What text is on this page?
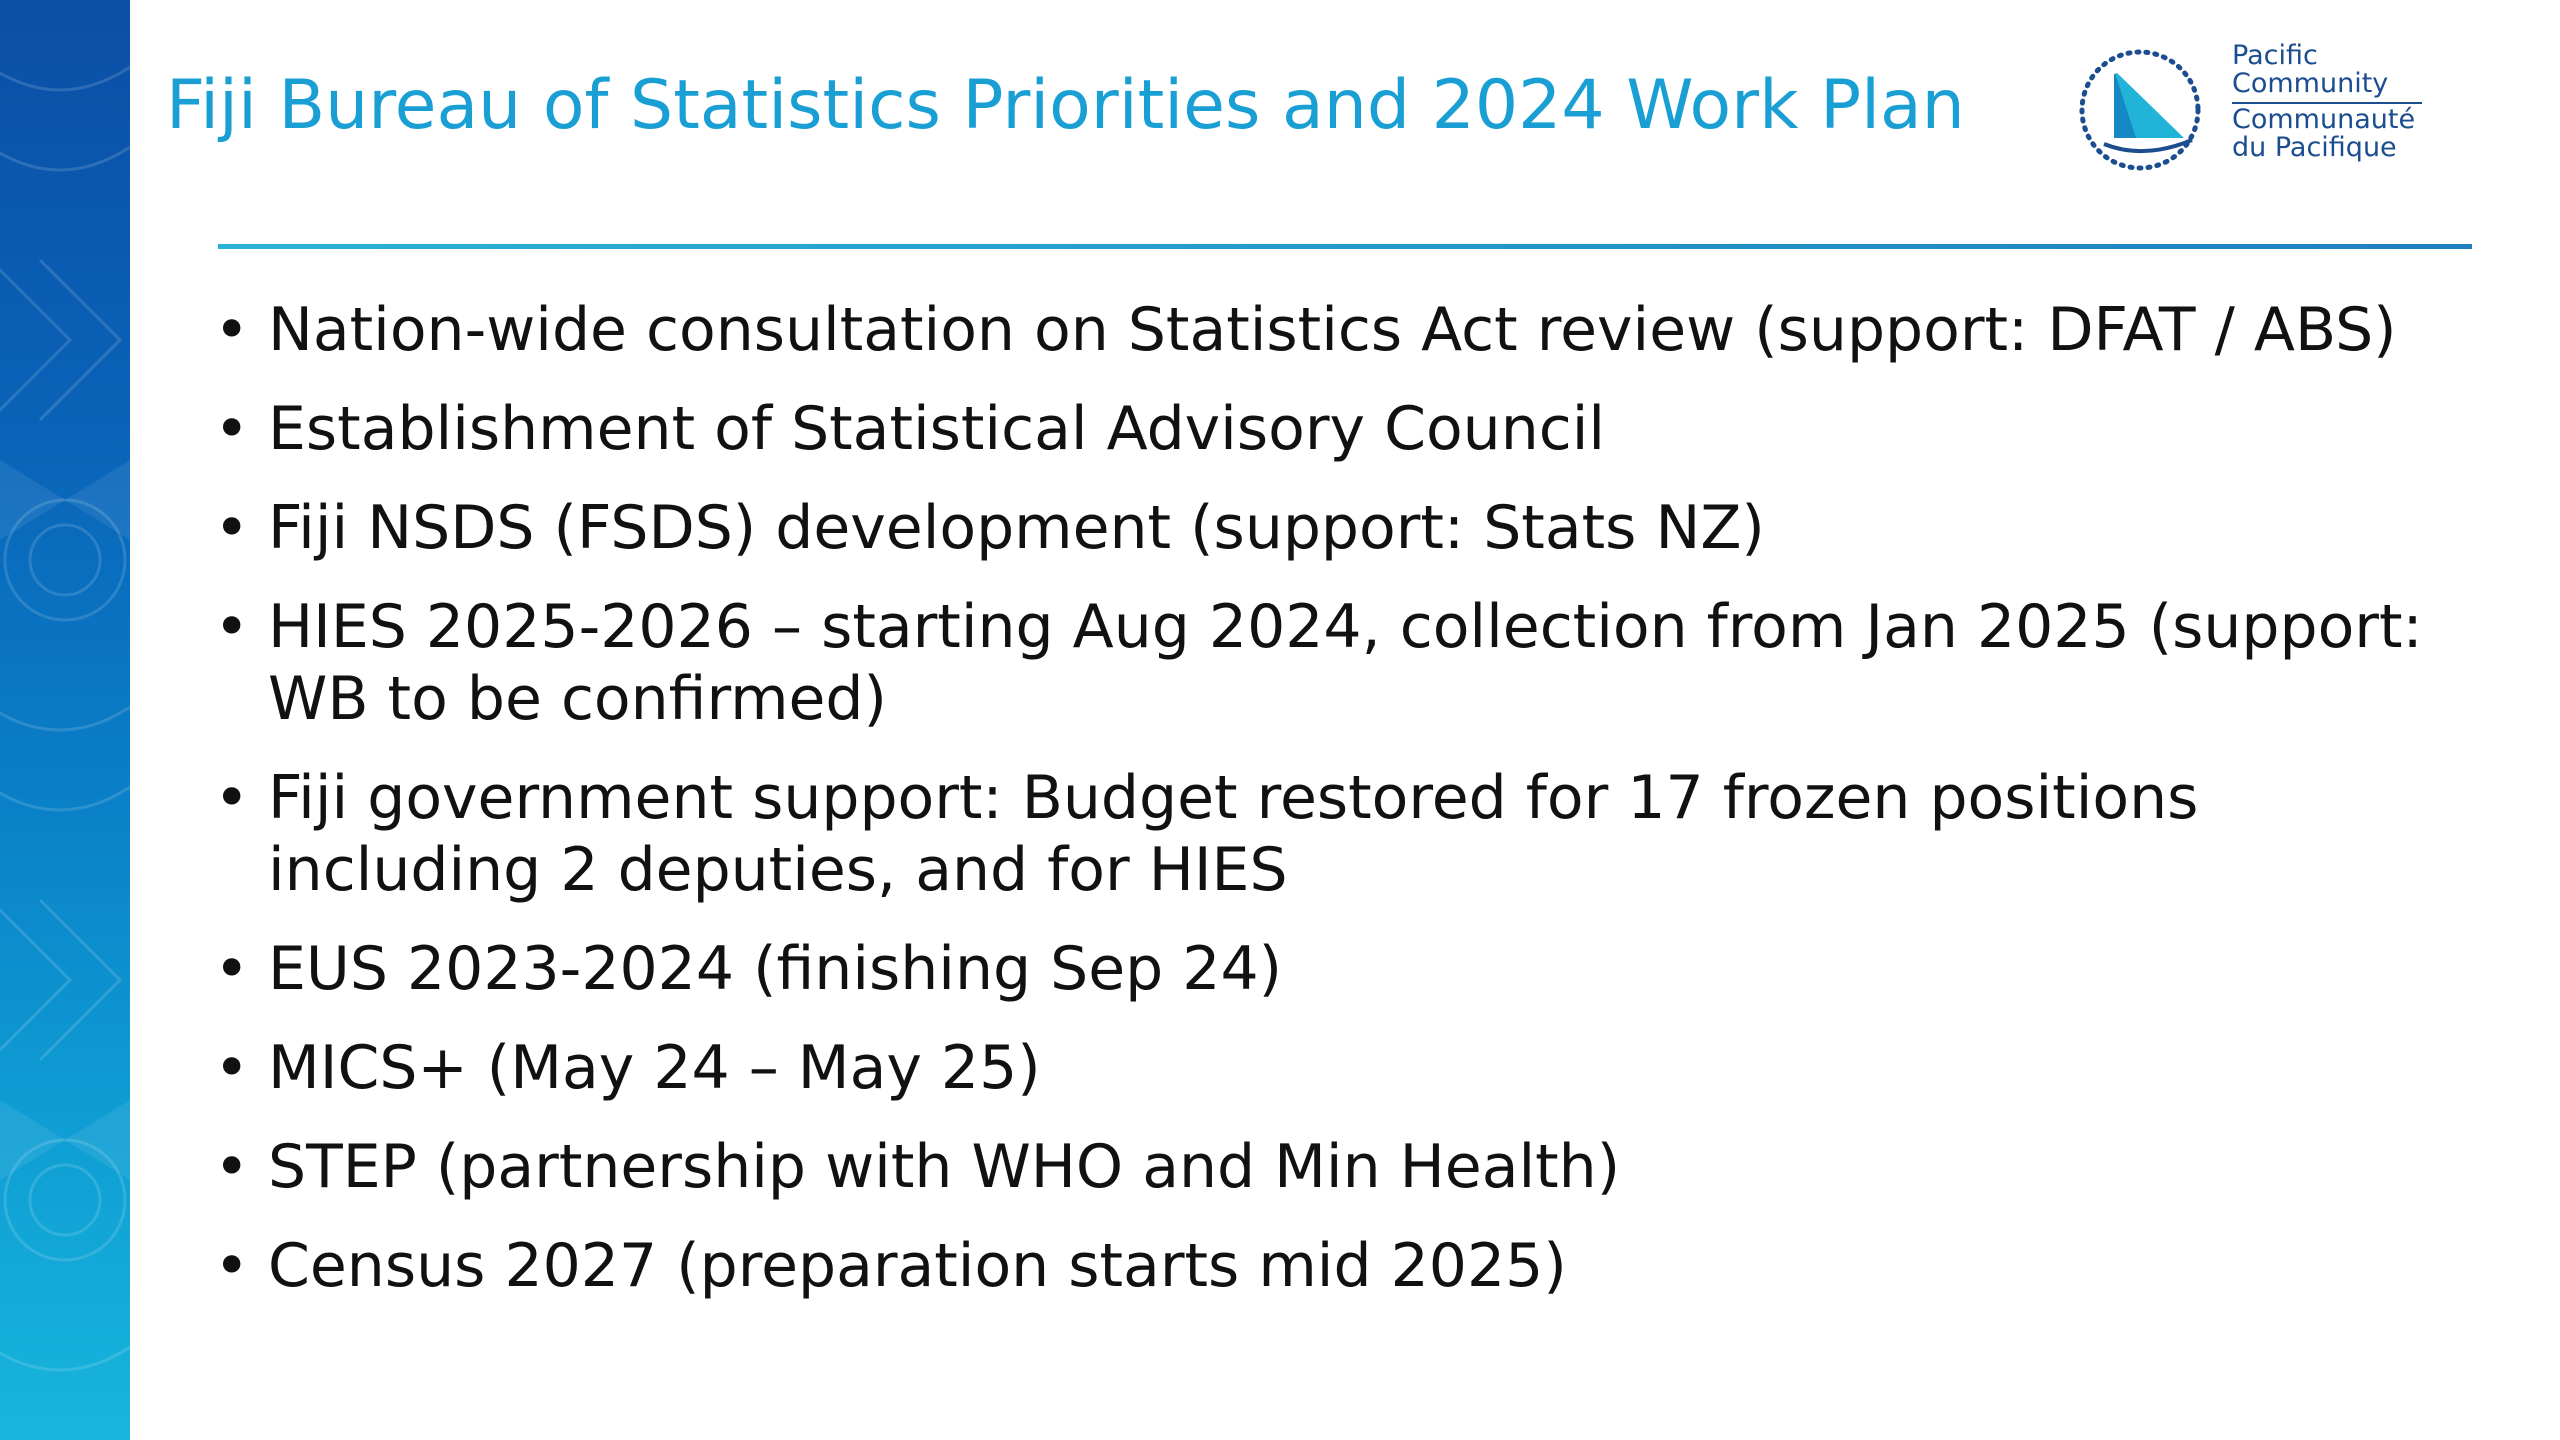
Fiji Bureau of Statistics Priorities and 2024 Work Plan
Pacific
Community
Communauté
du Pacifique
• Nation-wide consultation on Statistics Act review (support: DFAT / ABS)
• Establishment of Statistical Advisory Council
• Fiji NSDS (FSDS) development (support: Stats NZ)
• HIES 2025-2026 – starting Aug 2024, collection from Jan 2025 (support: WB to be confirmed)
• Fiji government support: Budget restored for 17 frozen positions including 2 deputies, and for HIES
• EUS 2023-2024 (finishing Sep 24)
• MICS+ (May 24 – May 25)
• STEP (partnership with WHO and Min Health)
• Census 2027 (preparation starts mid 2025)
